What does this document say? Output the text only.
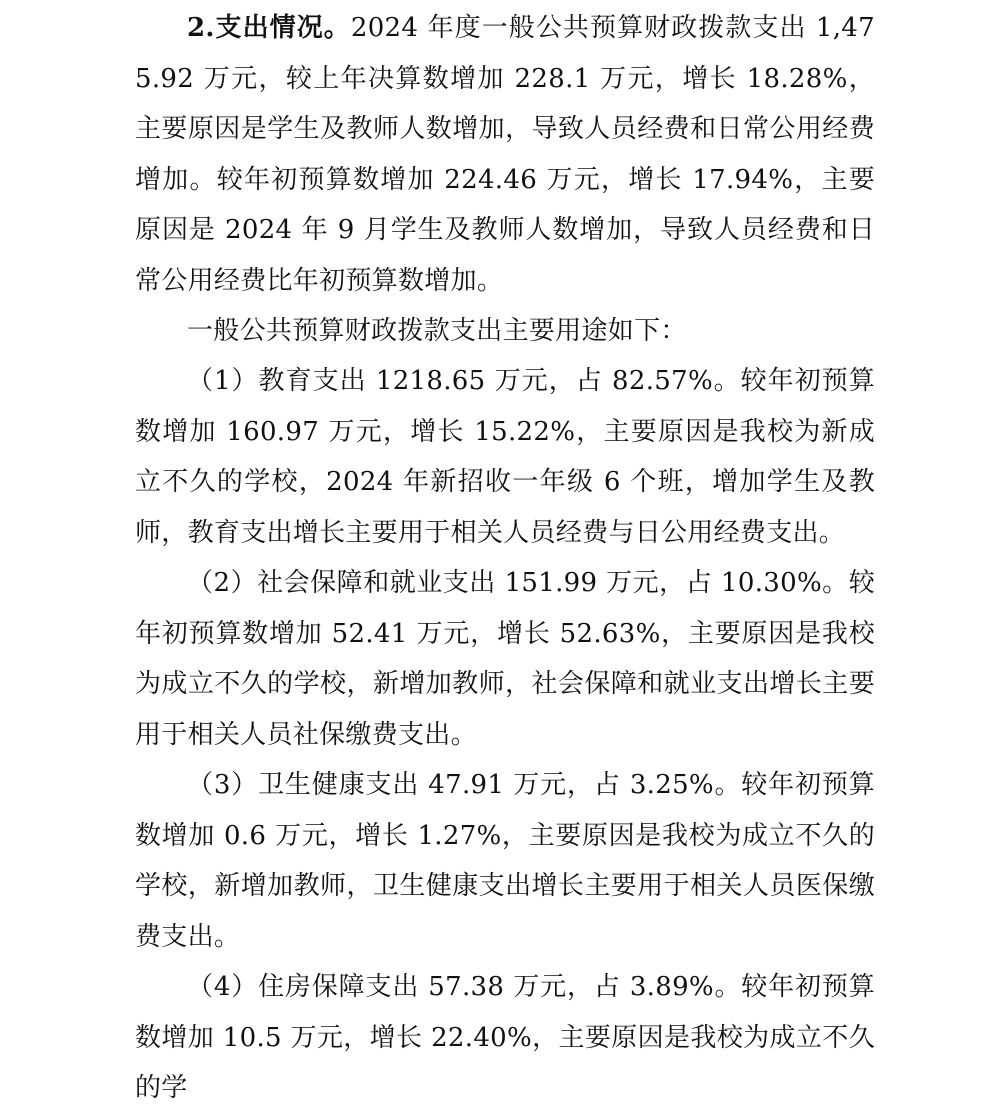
2.支出情况。2024 年度一般公共预算财政拨款支出 1,475.92 万元，较上年决算数增加 228.1 万元，增长 18.28%，主要原因是学生及教师人数增加，导致人员经费和日常公用经费增加。较年初预算数增加 224.46 万元，增长 17.94%，主要原因是 2024 年 9 月学生及教师人数增加，导致人员经费和日常公用经费比年初预算数增加。

一般公共预算财政拨款支出主要用途如下：

（1）教育支出 1218.65 万元，占 82.57%。较年初预算数增加 160.97 万元，增长 15.22%，主要原因是我校为新成立不久的学校，2024 年新招收一年级 6 个班，增加学生及教师，教育支出增长主要用于相关人员经费与日公用经费支出。

（2）社会保障和就业支出 151.99 万元，占 10.30%。较年初预算数增加 52.41 万元，增长 52.63%，主要原因是我校为成立不久的学校，新增加教师，社会保障和就业支出增长主要用于相关人员社保缴费支出。

（3）卫生健康支出 47.91 万元，占 3.25%。较年初预算数增加 0.6 万元，增长 1.27%，主要原因是我校为成立不久的学校，新增加教师，卫生健康支出增长主要用于相关人员医保缴费支出。

（4）住房保障支出 57.38 万元，占 3.89%。较年初预算数增加 10.5 万元，增长 22.40%，主要原因是我校为成立不久的学
